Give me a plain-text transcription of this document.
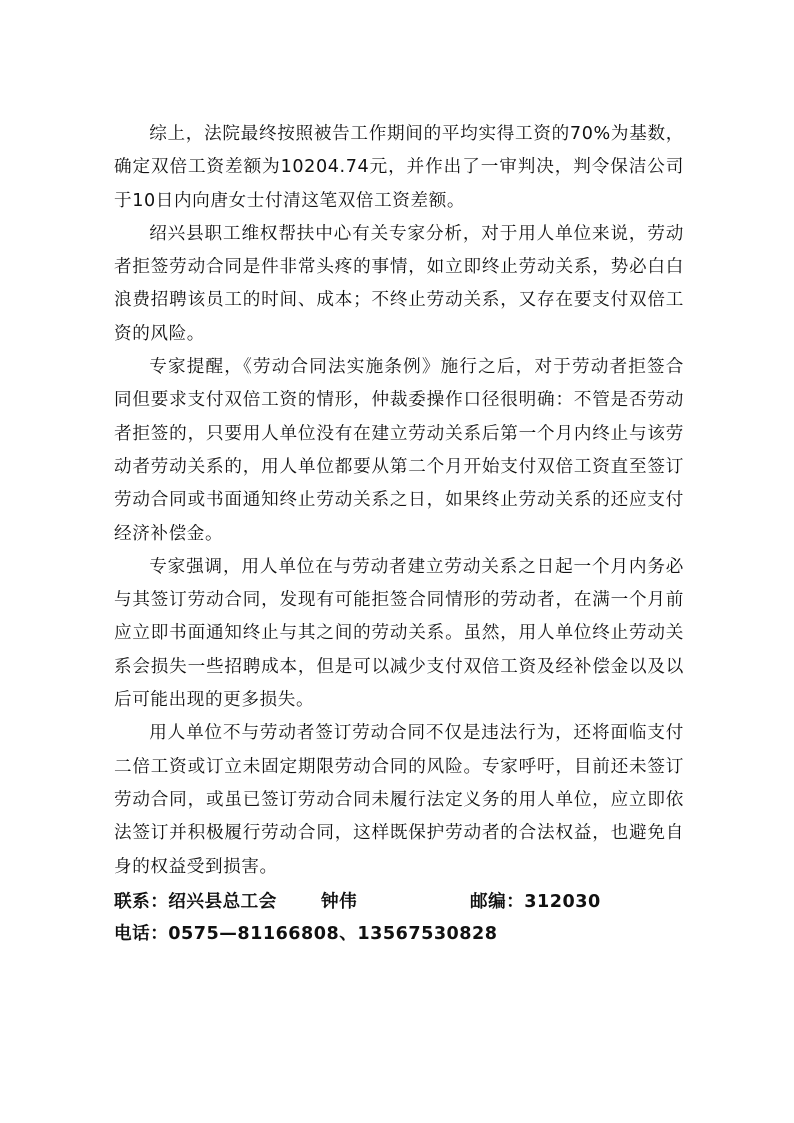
综上，法院最终按照被告工作期间的平均实得工资的70%为基数，确定双倍工资差额为10204.74元，并作出了一审判决，判令保洁公司于10日内向唐女士付清这笔双倍工资差额。

绍兴县职工维权帮扶中心有关专家分析，对于用人单位来说，劳动者拒签劳动合同是件非常头疼的事情，如立即终止劳动关系，势必白白浪费招聘该员工的时间、成本；不终止劳动关系，又存在要支付双倍工资的风险。

专家提醒，《劳动合同法实施条例》施行之后，对于劳动者拒签合同但要求支付双倍工资的情形，仲裁委操作口径很明确：不管是否劳动者拒签的，只要用人单位没有在建立劳动关系后第一个月内终止与该劳动者劳动关系的，用人单位都要从第二个月开始支付双倍工资直至签订劳动合同或书面通知终止劳动关系之日，如果终止劳动关系的还应支付经济补偿金。

专家强调，用人单位在与劳动者建立劳动关系之日起一个月内务必与其签订劳动合同，发现有可能拒签合同情形的劳动者，在满一个月前应立即书面通知终止与其之间的劳动关系。虽然，用人单位终止劳动关系会损失一些招聘成本，但是可以减少支付双倍工资及经补偿金以及以后可能出现的更多损失。

用人单位不与劳动者签订劳动合同不仅是违法行为，还将面临支付二倍工资或订立未固定期限劳动合同的风险。专家呼吁，目前还未签订劳动合同，或虽已签订劳动合同未履行法定义务的用人单位，应立即依法签订并积极履行劳动合同，这样既保护劳动者的合法权益，也避免自身的权益受到损害。

联系：绍兴县总工会	钟伟	邮编：312030
电话：0575—81166808、13567530828
